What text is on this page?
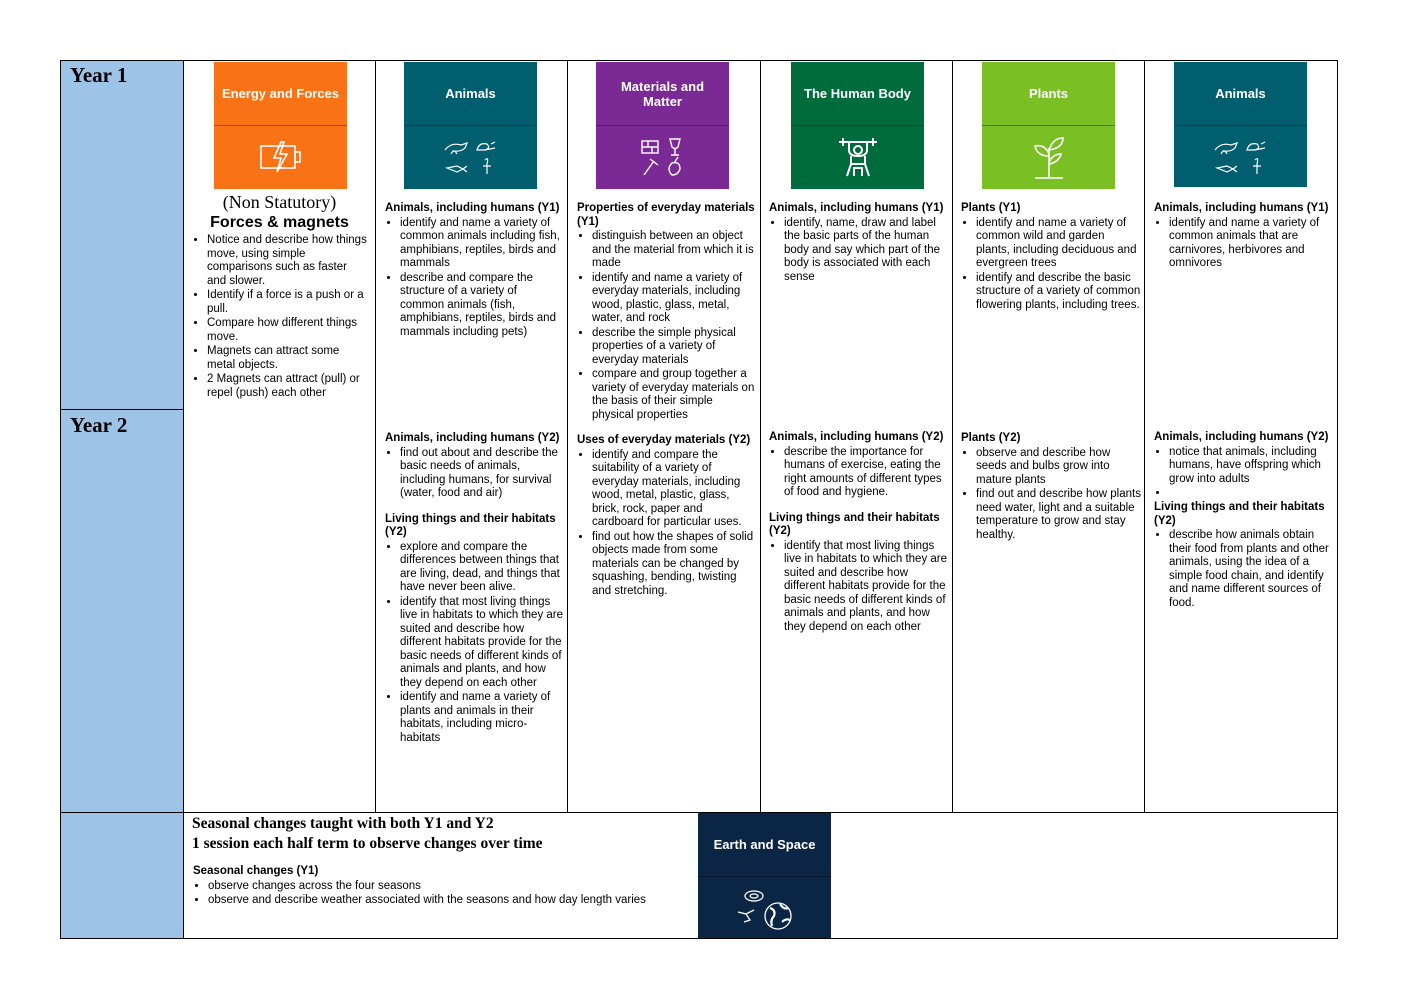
Year 1
Year 2
Energy and Forces
(Non Statutory)
Forces & magnets
• Notice and describe how things move, using simple comparisons such as faster and slower.
• Identify if a force is a push or a pull.
• Compare how different things move.
• Magnets can attract some metal objects.
• 2 Magnets can attract (pull) or repel (push) each other
Animals
Animals, including humans (Y1)
• identify and name a variety of common animals including fish, amphibians, reptiles, birds and mammals
• describe and compare the structure of a variety of common animals (fish, amphibians, reptiles, birds and mammals including pets)
Animals, including humans (Y2)
• find out about and describe the basic needs of animals, including humans, for survival (water, food and air)
Living things and their habitats (Y2)
• explore and compare the differences between things that are living, dead, and things that have never been alive.
• identify that most living things live in habitats to which they are suited and describe how different habitats provide for the basic needs of different kinds of animals and plants, and how they depend on each other
• identify and name a variety of plants and animals in their habitats, including micro-habitats
Materials and Matter
Properties of everyday materials (Y1)
• distinguish between an object and the material from which it is made
• identify and name a variety of everyday materials, including wood, plastic, glass, metal, water, and rock
• describe the simple physical properties of a variety of everyday materials
• compare and group together a variety of everyday materials on the basis of their simple physical properties
Uses of everyday materials (Y2)
• identify and compare the suitability of a variety of everyday materials, including wood, metal, plastic, glass, brick, rock, paper and cardboard for particular uses.
• find out how the shapes of solid objects made from some materials can be changed by squashing, bending, twisting and stretching.
The Human Body
Animals, including humans (Y1)
• identify, name, draw and label the basic parts of the human body and say which part of the body is associated with each sense
Animals, including humans (Y2)
• describe the importance for humans of exercise, eating the right amounts of different types of food and hygiene.
Living things and their habitats (Y2)
• identify that most living things live in habitats to which they are suited and describe how different habitats provide for the basic needs of different kinds of animals and plants, and how they depend on each other
Plants
Plants (Y1)
• identify and name a variety of common wild and garden plants, including deciduous and evergreen trees
• identify and describe the basic structure of a variety of common flowering plants, including trees.
Plants (Y2)
• observe and describe how seeds and bulbs grow into mature plants
• find out and describe how plants need water, light and a suitable temperature to grow and stay healthy.
Animals
Animals, including humans (Y1)
• identify and name a variety of common animals that are carnivores, herbivores and omnivores
Animals, including humans (Y2)
• notice that animals, including humans, have offspring which grow into adults
•
Living things and their habitats (Y2)
• describe how animals obtain their food from plants and other animals, using the idea of a simple food chain, and identify and name different sources of food.
Seasonal changes taught with both Y1 and Y2
1 session each half term to observe changes over time
Seasonal changes (Y1)
• observe changes across the four seasons
• observe and describe weather associated with the seasons and how day length varies
Earth and Space
